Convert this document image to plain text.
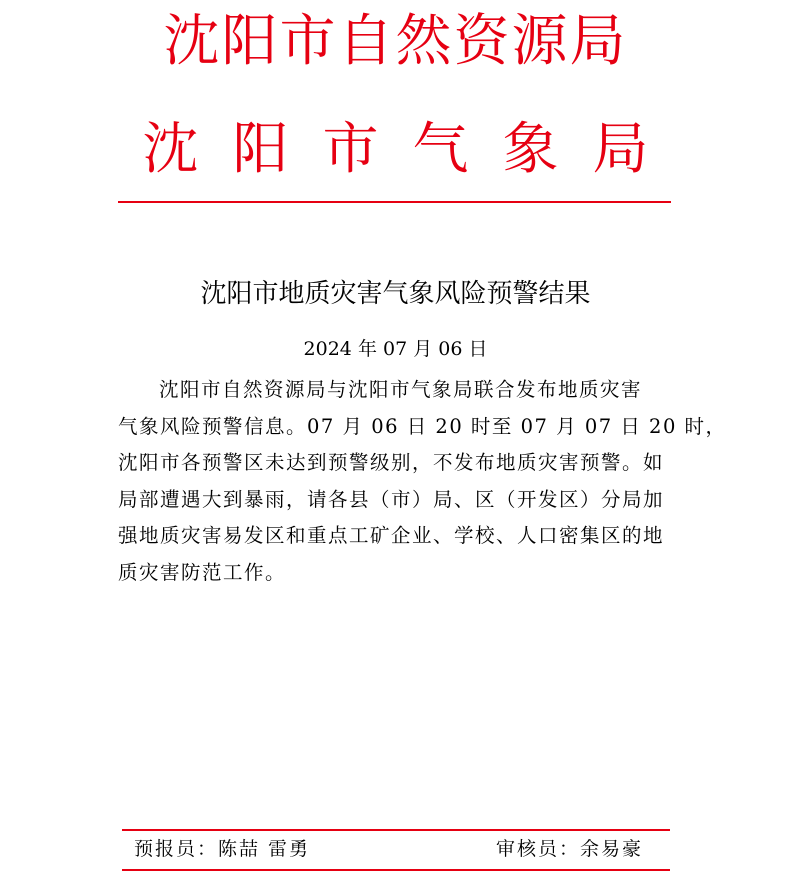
沈阳市自然资源局
沈阳市气象局
沈阳市地质灾害气象风险预警结果
2024 年 07 月 06 日
沈阳市自然资源局与沈阳市气象局联合发布地质灾害
气象风险预警信息。07 月 06 日 20 时至 07 月 07 日 20 时，
沈阳市各预警区未达到预警级别，不发布地质灾害预警。如
局部遭遇大到暴雨，请各县（市）局、区（开发区）分局加
强地质灾害易发区和重点工矿企业、学校、人口密集区的地
质灾害防范工作。
预报员：陈喆 雷勇	审核员：余易豪
